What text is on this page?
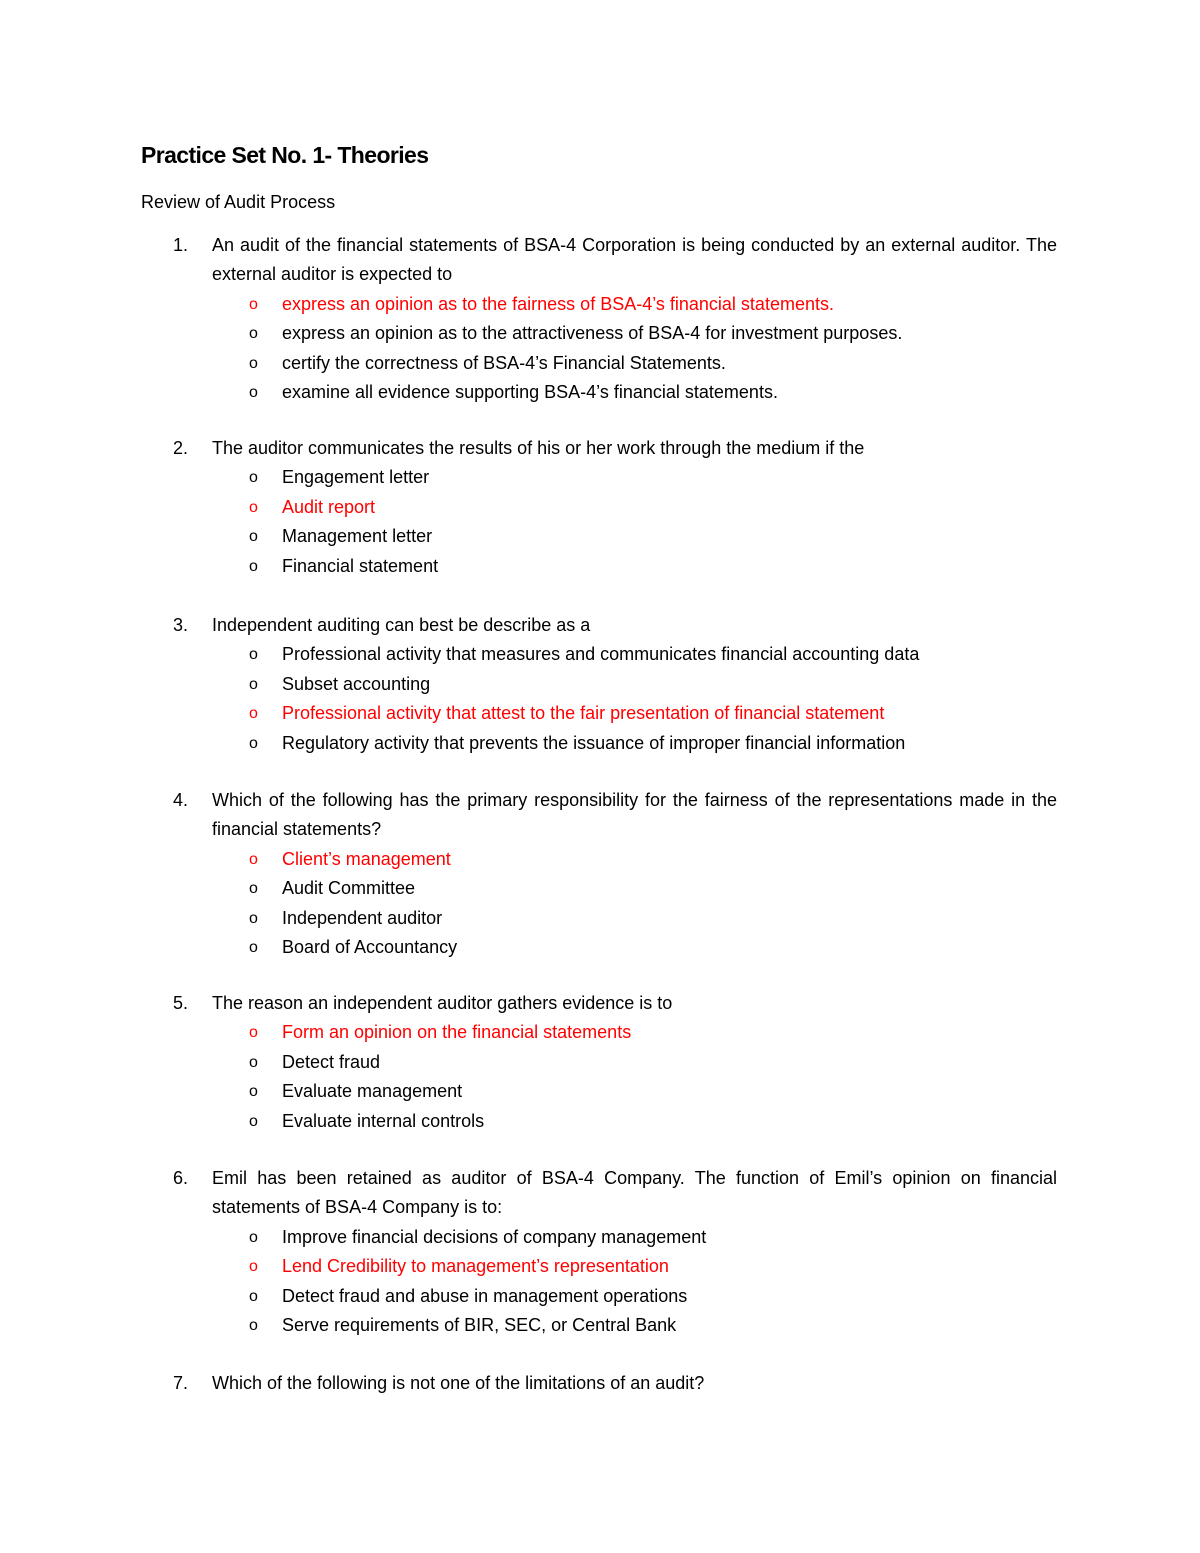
Practice Set No. 1- Theories
Review of Audit Process
1. An audit of the financial statements of BSA-4 Corporation is being conducted by an external auditor. The external auditor is expected to
o express an opinion as to the fairness of BSA-4’s financial statements.
o express an opinion as to the attractiveness of BSA-4 for investment purposes.
o certify the correctness of BSA-4’s Financial Statements.
o examine all evidence supporting BSA-4’s financial statements.
2. The auditor communicates the results of his or her work through the medium if the
o Engagement letter
o Audit report
o Management letter
o Financial statement
3. Independent auditing can best be describe as a
o Professional activity that measures and communicates financial accounting data
o Subset accounting
o Professional activity that attest to the fair presentation of financial statement
o Regulatory activity that prevents the issuance of improper financial information
4. Which of the following has the primary responsibility for the fairness of the representations made in the financial statements?
o Client’s management
o Audit Committee
o Independent auditor
o Board of Accountancy
5. The reason an independent auditor gathers evidence is to
o Form an opinion on the financial statements
o Detect fraud
o Evaluate management
o Evaluate internal controls
6. Emil has been retained as auditor of BSA-4 Company. The function of Emil’s opinion on financial statements of BSA-4 Company is to:
o Improve financial decisions of company management
o Lend Credibility to management’s representation
o Detect fraud and abuse in management operations
o Serve requirements of BIR, SEC, or Central Bank
7. Which of the following is not one of the limitations of an audit?
